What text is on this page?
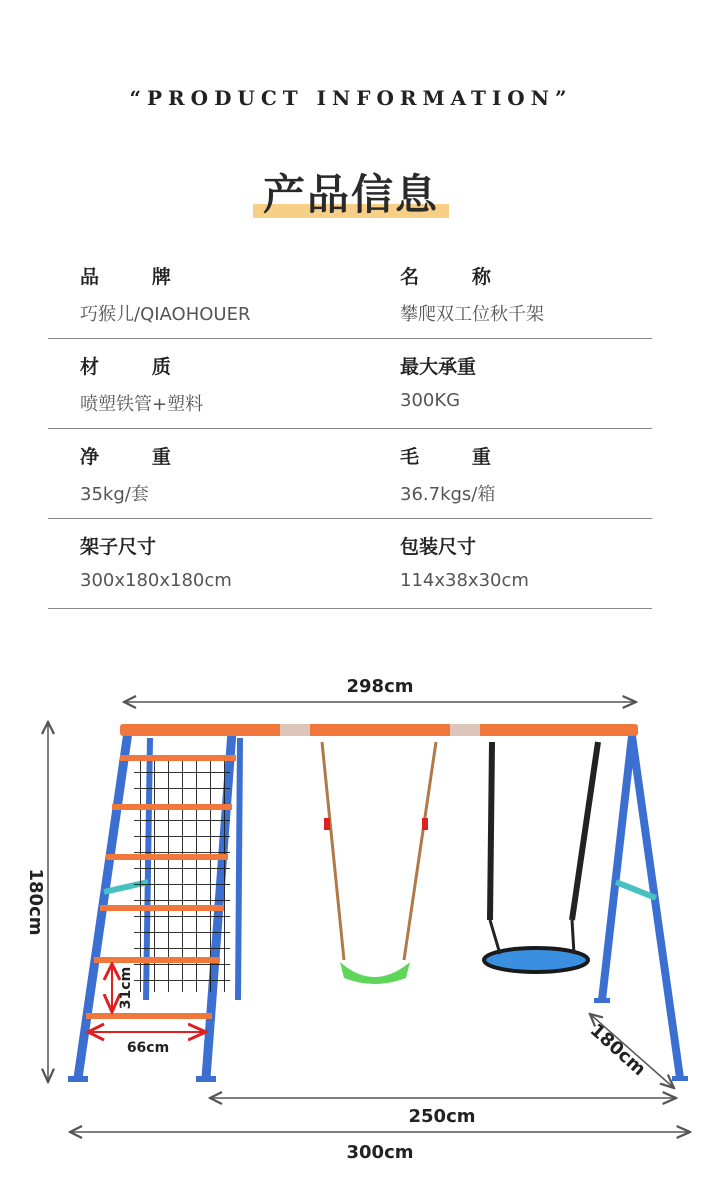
“PRODUCT INFORMATION”
产品信息
品        牌
巧猴儿/QIAOHOUER
名        称
攀爬双工位秋千架
材        质
喷塑铁管+塑料
最大承重
300KG
净        重
35kg/套
毛        重
36.7kgs/箱
架子尺寸
300x180x180cm
包装尺寸
114x38x30cm
298cm
180cm
31cm
66cm	180cm
250cm
300cm
